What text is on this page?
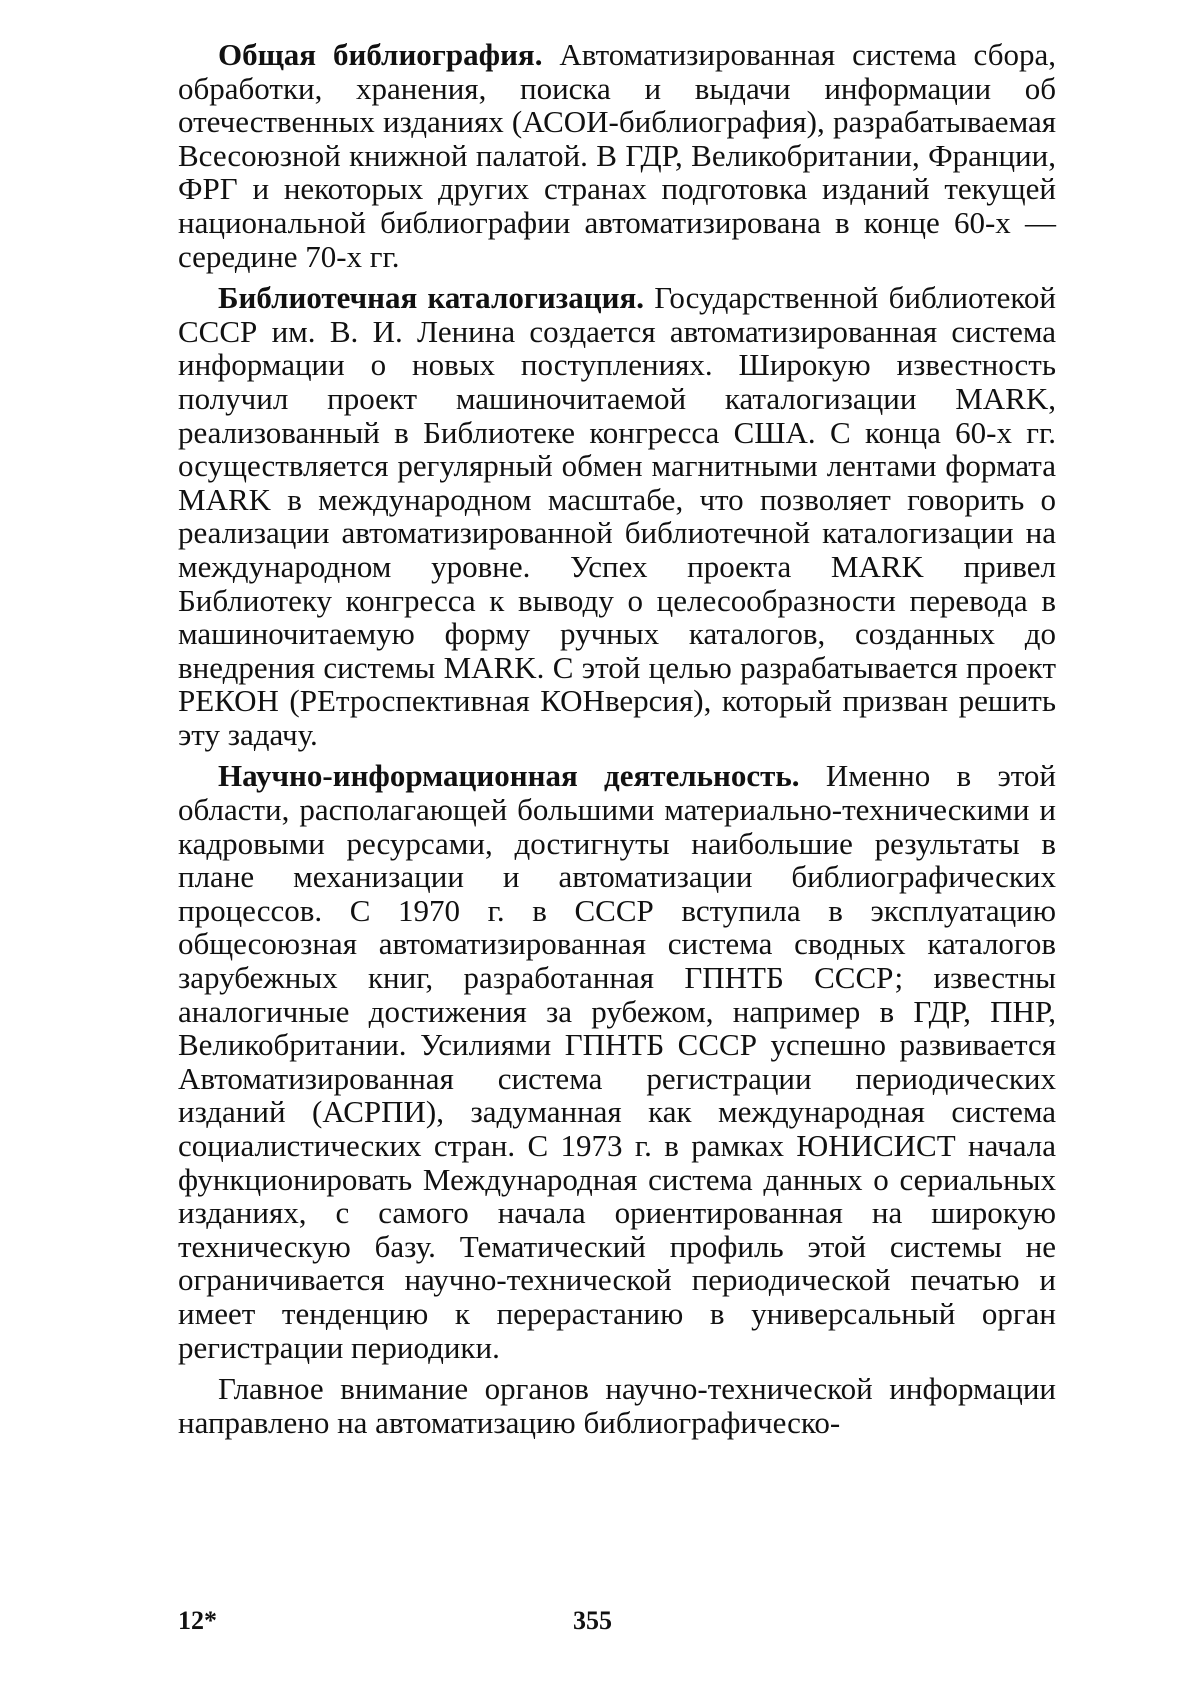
Общая библиография. Автоматизированная система сбора, обработки, хранения, поиска и выдачи информации об отечественных изданиях (АСОИ-библиография), разрабатываемая Всесоюзной книжной палатой. В ГДР, Великобритании, Франции, ФРГ и некоторых других странах подготовка изданий текущей национальной библиографии автоматизирована в конце 60-х — середине 70-х гг.

Библиотечная каталогизация. Государственной библиотекой СССР им. В. И. Ленина создается автоматизированная система информации о новых поступлениях. Широкую известность получил проект машиночитаемой каталогизации MARK, реализованный в Библиотеке конгресса США. С конца 60-х гг. осуществляется регулярный обмен магнитными лентами формата MARK в международном масштабе, что позволяет говорить о реализации автоматизированной библиотечной каталогизации на международном уровне. Успех проекта MARK привел Библиотеку конгресса к выводу о целесообразности перевода в машиночитаемую форму ручных каталогов, созданных до внедрения системы MARK. С этой целью разрабатывается проект РЕКОН (РЕтроспективная КОНверсия), который призван решить эту задачу.

Научно-информационная деятельность. Именно в этой области, располагающей большими материально-техническими и кадровыми ресурсами, достигнуты наибольшие результаты в плане механизации и автоматизации библиографических процессов. С 1970 г. в СССР вступила в эксплуатацию общесоюзная автоматизированная система сводных каталогов зарубежных книг, разработанная ГПНТБ СССР; известны аналогичные достижения за рубежом, например в ГДР, ПНР, Великобритании. Усилиями ГПНТБ СССР успешно развивается Автоматизированная система регистрации периодических изданий (АСРПИ), задуманная как международная система социалистических стран. С 1973 г. в рамках ЮНИСИСТ начала функционировать Международная система данных о сериальных изданиях, с самого начала ориентированная на широкую техническую базу. Тематический профиль этой системы не ограничивается научно-технической периодической печатью и имеет тенденцию к перерастанию в универсальный орган регистрации периодики.

Главное внимание органов научно-технической информации направлено на автоматизацию библиографическо-

12*	355
